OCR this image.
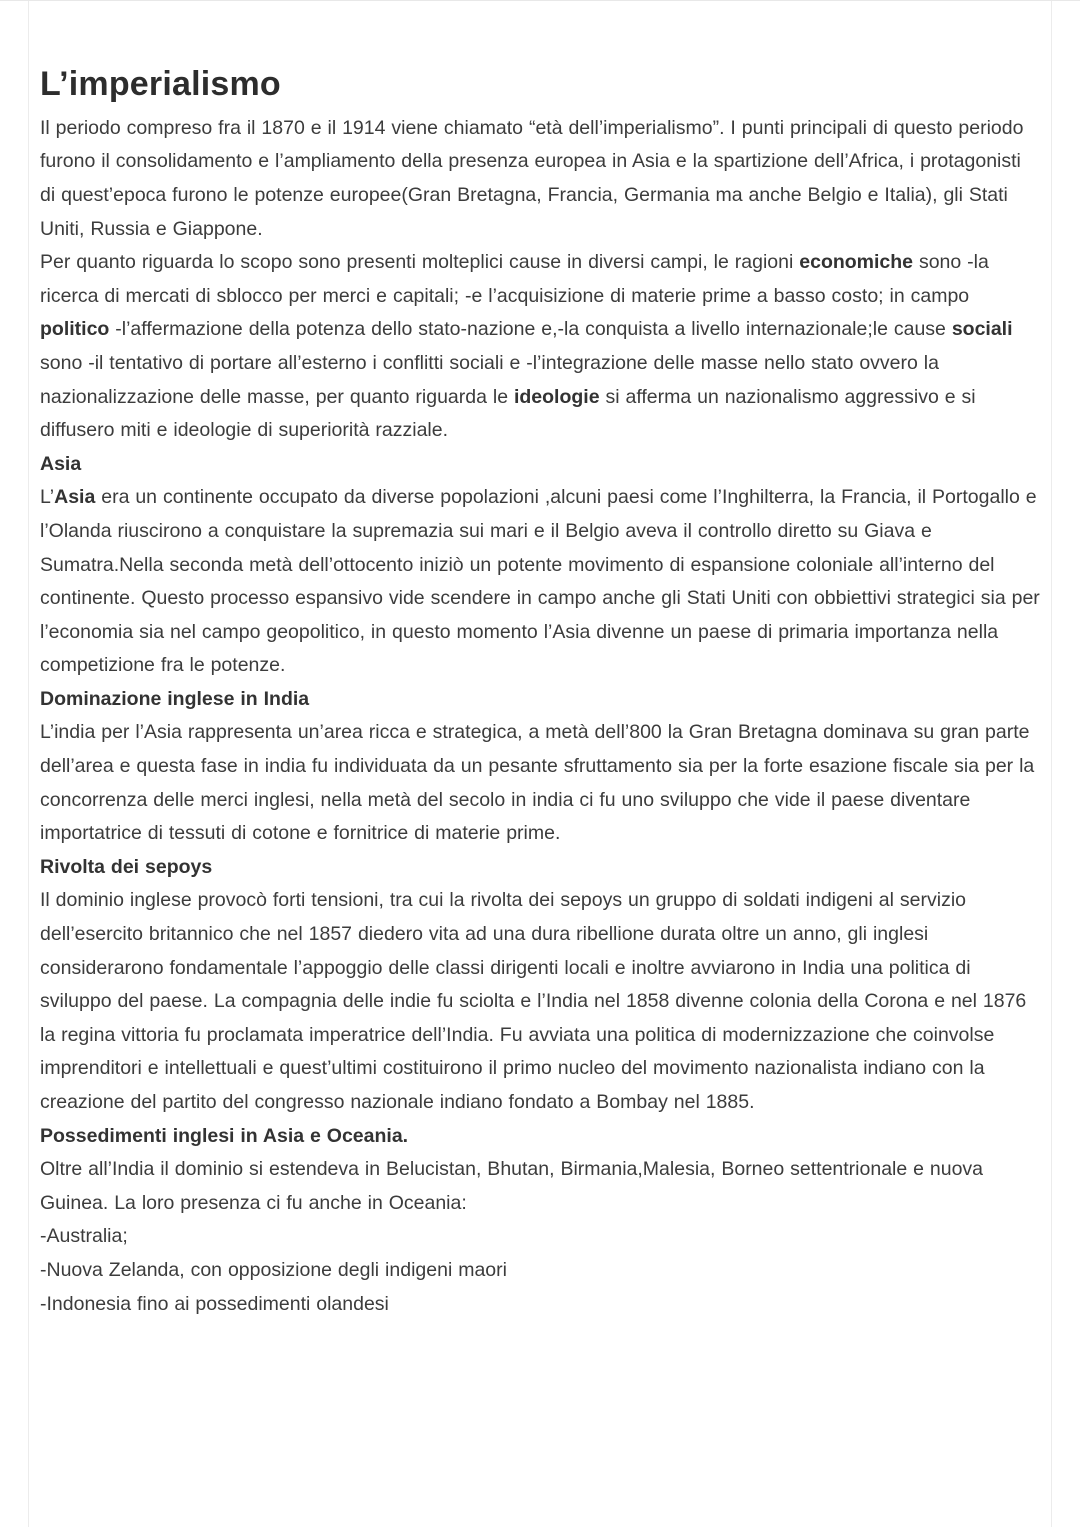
L’imperialismo
Il periodo compreso fra il 1870 e il 1914 viene chiamato “età dell’imperialismo”. I punti principali di questo periodo furono il consolidamento e l’ampliamento della presenza europea in Asia e la spartizione dell’Africa, i protagonisti di quest’epoca furono le potenze europee(Gran Bretagna, Francia, Germania ma anche Belgio e Italia), gli Stati Uniti, Russia e Giappone.
Per quanto riguarda lo scopo sono presenti molteplici cause in diversi campi, le ragioni economiche sono -la ricerca di mercati di sblocco per merci e capitali; -e l’acquisizione di materie prime a basso costo; in campo politico -l’affermazione della potenza dello stato-nazione e,-la conquista a livello internazionale;le cause sociali sono -il tentativo di portare all’esterno i conflitti sociali e -l’integrazione delle masse nello stato ovvero la nazionalizzazione delle masse, per quanto riguarda le ideologie si afferma un nazionalismo aggressivo e si diffusero miti e ideologie di superiorità razziale.
Asia
L’Asia era un continente occupato da diverse popolazioni ,alcuni paesi come l’Inghilterra, la Francia, il Portogallo e l’Olanda riuscirono a conquistare la supremazia sui mari e il Belgio aveva il controllo diretto su Giava e Sumatra.Nella seconda metà dell’ottocento iniziò un potente movimento di espansione coloniale all’interno del continente. Questo processo espansivo vide scendere in campo anche gli Stati Uniti con obbiettivi strategici sia per l’economia sia nel campo geopolitico, in questo momento l’Asia divenne un paese di primaria importanza nella competizione fra le potenze.
Dominazione inglese in India
L’india per l’Asia rappresenta un’area ricca e strategica, a metà dell’800 la Gran Bretagna dominava su gran parte dell’area e questa fase in india fu individuata da un pesante sfruttamento sia per la forte esazione fiscale sia per la concorrenza delle merci inglesi, nella metà del secolo in india ci fu uno sviluppo che vide il paese diventare importatrice di tessuti di cotone e fornitrice di materie prime.
Rivolta dei sepoys
Il dominio inglese provocò forti tensioni, tra cui la rivolta dei sepoys un gruppo di soldati indigeni al servizio dell’esercito britannico che nel 1857 diedero vita ad una dura ribellione durata oltre un anno, gli inglesi considerarono fondamentale l’appoggio delle classi dirigenti locali e inoltre avviarono in India una politica di sviluppo del paese. La compagnia delle indie fu sciolta e l’India nel 1858 divenne colonia della Corona e nel 1876 la regina vittoria fu proclamata imperatrice dell’India. Fu avviata una politica di modernizzazione che coinvolse imprenditori e intellettuali e quest’ultimi costituirono il primo nucleo del movimento nazionalista indiano con la creazione del partito del congresso nazionale indiano fondato a Bombay nel 1885.
Possedimenti inglesi in Asia e Oceania.
Oltre all’India il dominio si estendeva in Belucistan, Bhutan, Birmania,Malesia, Borneo settentrionale e nuova Guinea. La loro presenza ci fu anche in Oceania:
-Australia;
-Nuova Zelanda, con opposizione degli indigeni maori
-Indonesia fino ai possedimenti olandesi
